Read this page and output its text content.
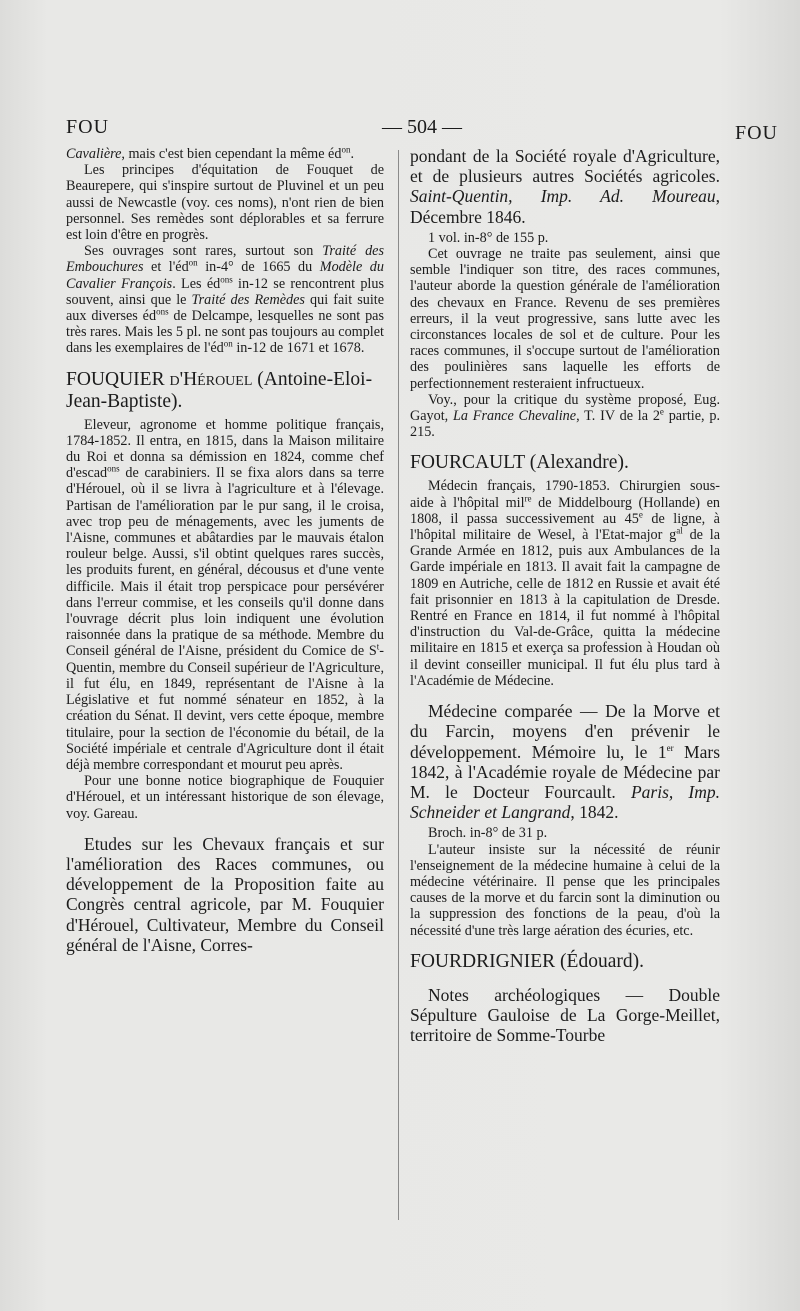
FOU	— 504 —	FOU

Cavalière, mais c'est bien cependant la même $éd^{on}$.

Les principes d'équitation de Fouquet de Beaurepere, qui s'inspire surtout de Pluvinel et un peu aussi de Newcastle (voy. ces noms), n'ont rien de bien personnel. Ses remèdes sont déplorables et sa ferrure est loin d'être en progrès.

Ses ouvrages sont rares, surtout son Traité des Embouchures et $l'éd^{on}$ in-4° de 1665 du Modèle du Cavalier François. Les $éd^{ons}$ in-12 se rencontrent plus souvent, ainsi que le Traité des Remèdes qui fait suite aux diverses $éd^{ons}$ de Delcampe, lesquelles ne sont pas très rares. Mais les 5 pl. ne sont pas toujours au complet dans les exemplaires de $l'éd^{on}$ in-12 de 1671 et 1678.

FOUQUIER d'Hérouel (Antoine-Eloi-Jean-Baptiste).

Eleveur, agronome et homme politique français, 1784-1852. Il entra, en 1815, dans la Maison militaire du Roi et donna sa démission en 1824, comme chef d'escad$^{ons}$ de carabiniers. Il se fixa alors dans sa terre d'Hérouel, où il se livra à l'agriculture et à l'élevage. Partisan de l'amélioration par le pur sang, il le croisa, avec trop peu de ménagements, avec les juments de l'Aisne, communes et abâtardies par le mauvais étalon rouleur belge. Aussi, s'il obtint quelques rares succès, les produits furent, en général, décousus et d'une vente difficile. Mais il était trop perspicace pour persévérer dans l'erreur commise, et les conseils qu'il donne dans l'ouvrage décrit plus loin indiquent une évolution raisonnée dans la pratique de sa méthode. Membre du Conseil général de l'Aisne, président du Comice de $S^t$-Quentin, membre du Conseil supérieur de l'Agriculture, il fut élu, en 1849, représentant de l'Aisne à la Législative et fut nommé sénateur en 1852, à la création du Sénat. Il devint, vers cette époque, membre titulaire, pour la section de l'économie du bétail, de la Société impériale et centrale d'Agriculture dont il était déjà membre correspondant et mourut peu après.

Pour une bonne notice biographique de Fouquier d'Hérouel, et un intéressant historique de son élevage, voy. Gareau.

Etudes sur les Chevaux français et sur l'amélioration des Races communes, ou développement de la Proposition faite au Congrès central agricole, par M. Fouquier d'Hérouel, Cultivateur, Membre du Conseil général de l'Aisne, Corres-
pondant de la Société royale d'Agriculture, et de plusieurs autres Sociétés agricoles. Saint-Quentin, Imp. Ad. Moureau, Décembre 1846.

1 vol. in-8° de 155 p.

Cet ouvrage ne traite pas seulement, ainsi que semble l'indiquer son titre, des races communes, l'auteur aborde la question générale de l'amélioration des chevaux en France. Revenu de ses premières erreurs, il la veut progressive, sans lutte avec les circonstances locales de sol et de culture. Pour les races communes, il s'occupe surtout de l'amélioration des poulinières sans laquelle les efforts de perfectionnement resteraient infructueux.

Voy., pour la critique du système proposé, Eug. Gayot, La France Chevaline, T. IV de la 2e partie, p. 215.

FOURCAULT (Alexandre).

Médecin français, 1790-1853. Chirurgien sous-aide à l'hôpital mil$^{re}$ de Middelbourg (Hollande) en 1808, il passa successivement au 45e de ligne, à l'hôpital militaire de Wesel, à l'Etat-major $g^{al}$ de la Grande Armée en 1812, puis aux Ambulances de la Garde impériale en 1813. Il avait fait la campagne de 1809 en Autriche, celle de 1812 en Russie et avait été fait prisonnier en 1813 à la capitulation de Dresde. Rentré en France en 1814, il fut nommé à l'hôpital d'instruction du Val-de-Grâce, quitta la médecine militaire en 1815 et exerça sa profession à Houdan où il devint conseiller municipal. Il fut élu plus tard à l'Académie de Médecine.

Médecine comparée — De la Morve et du Farcin, moyens d'en prévenir le développement. Mémoire lu, le 1er Mars 1842, à l'Académie royale de Médecine par M. le Docteur Fourcault. Paris, Imp. Schneider et Langrand, 1842.

Broch. in-8° de 31 p.

L'auteur insiste sur la nécessité de réunir l'enseignement de la médecine humaine à celui de la médecine vétérinaire. Il pense que les principales causes de la morve et du farcin sont la diminution ou la suppression des fonctions de la peau, d'où la nécessité d'une très large aération des écuries, etc.

FOURDRIGNIER (Édouard).
Notes archéologiques — Double Sépulture Gauloise de La Gorge-Meillet, territoire de Somme-Tourbe
